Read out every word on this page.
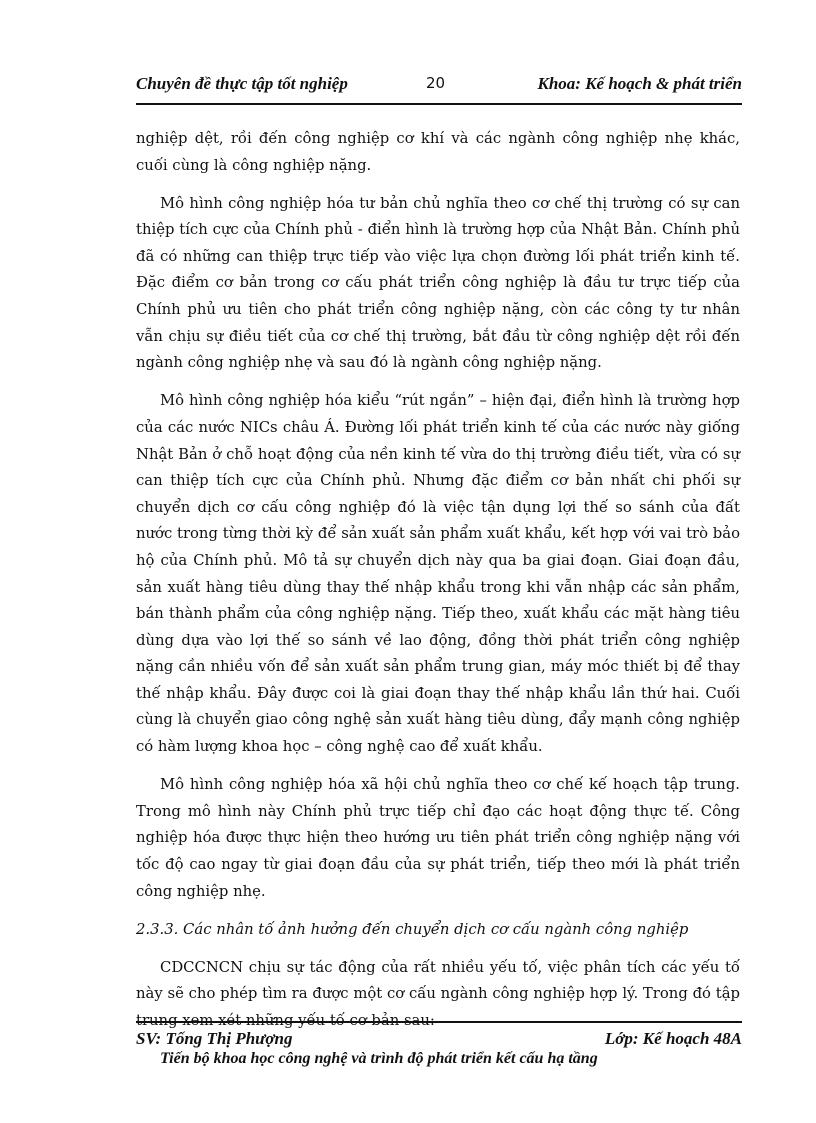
Chuyên đề thực tập tốt nghiệp	20	Khoa: Kế hoạch & phát triển

nghiệp dệt, rồi đến công nghiệp cơ khí và các ngành công nghiệp nhẹ khác, cuối cùng là công nghiệp nặng.

Mô hình công nghiệp hóa tư bản chủ nghĩa theo cơ chế thị trường có sự can thiệp tích cực của Chính phủ - điển hình là trường hợp của Nhật Bản. Chính phủ đã có những can thiệp trực tiếp vào việc lựa chọn đường lối phát triển kinh tế. Đặc điểm cơ bản trong cơ cấu phát triển công nghiệp là đầu tư trực tiếp của Chính phủ ưu tiên cho phát triển công nghiệp nặng, còn các công ty tư nhân vẫn chịu sự điều tiết của cơ chế thị trường, bắt đầu từ công nghiệp dệt rồi đến ngành công nghiệp nhẹ và sau đó là ngành công nghiệp nặng.

Mô hình công nghiệp hóa kiểu “rút ngắn” – hiện đại, điển hình là trường hợp của các nước NICs châu Á. Đường lối phát triển kinh tế của các nước này giống Nhật Bản ở chỗ hoạt động của nền kinh tế vừa do thị trường điều tiết, vừa có sự can thiệp tích cực của Chính phủ. Nhưng đặc điểm cơ bản nhất chi phối sự chuyển dịch cơ cấu công nghiệp đó là việc tận dụng lợi thế so sánh của đất nước trong từng thời kỳ để sản xuất sản phẩm xuất khẩu, kết hợp với vai trò bảo hộ của Chính phủ. Mô tả sự chuyển dịch này qua ba giai đoạn. Giai đoạn đầu, sản xuất hàng tiêu dùng thay thế nhập khẩu trong khi vẫn nhập các sản phẩm, bán thành phẩm của công nghiệp nặng. Tiếp theo, xuất khẩu các mặt hàng tiêu dùng dựa vào lợi thế so sánh về lao động, đồng thời phát triển công nghiệp nặng cần nhiều vốn để sản xuất sản phẩm trung gian, máy móc thiết bị để thay thế nhập khẩu. Đây được coi là giai đoạn thay thế nhập khẩu lần thứ hai. Cuối cùng là chuyển giao công nghệ sản xuất hàng tiêu dùng, đẩy mạnh công nghiệp có hàm lượng khoa học – công nghệ cao để xuất khẩu.

Mô hình công nghiệp hóa xã hội chủ nghĩa theo cơ chế kế hoạch tập trung. Trong mô hình này Chính phủ trực tiếp chỉ đạo các hoạt động thực tế. Công nghiệp hóa được thực hiện theo hướng ưu tiên phát triển công nghiệp nặng với tốc độ cao ngay từ giai đoạn đầu của sự phát triển, tiếp theo mới là phát triển công nghiệp nhẹ.

2.3.3. Các nhân tố ảnh hưởng đến chuyển dịch cơ cấu ngành công nghiệp

CDCCNCN chịu sự tác động của rất nhiều yếu tố, việc phân tích các yếu tố này sẽ cho phép tìm ra được một cơ cấu ngành công nghiệp hợp lý. Trong đó tập

Tiến bộ khoa học công nghệ và trình độ phát triển kết cấu hạ tầng

SV: Tống Thị Phượng	Lớp: Kế hoạch 48A
